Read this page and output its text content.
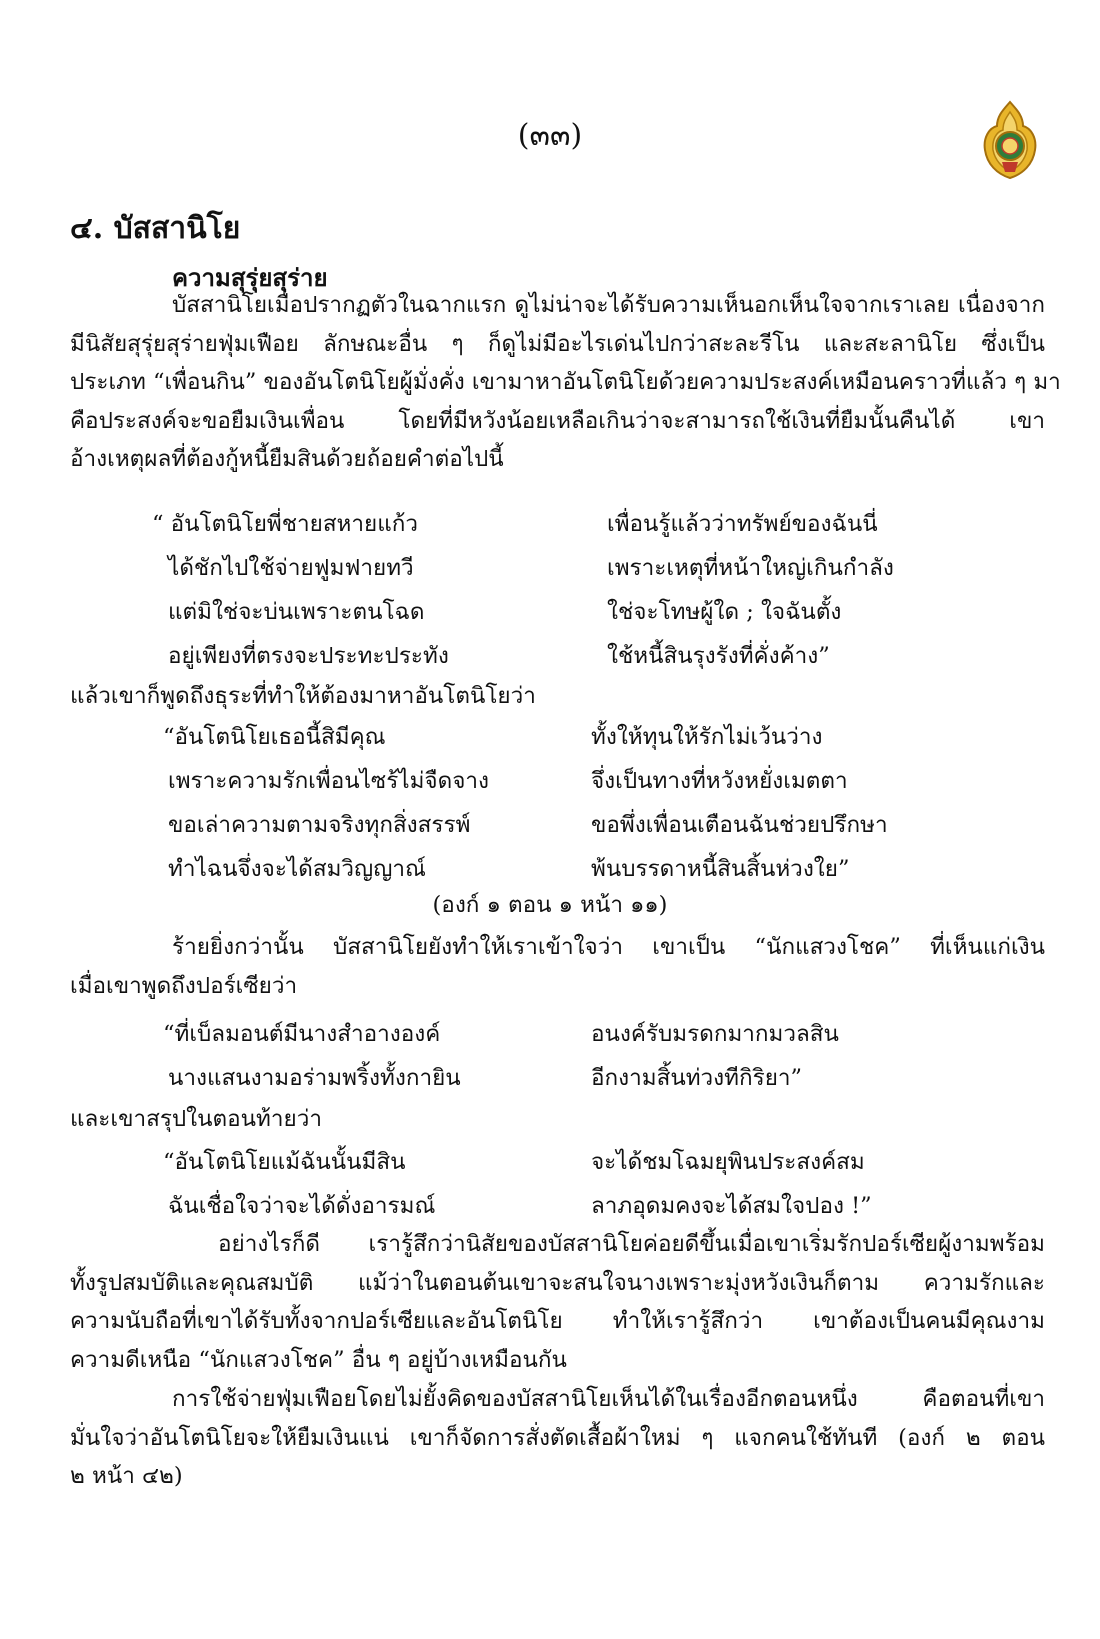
(๓๓)
๔. บัสสานิโย
ความสุรุ่ยสุร่าย
บัสสานิโยเมื่อปรากฏตัวในฉากแรก ดูไม่น่าจะได้รับความเห็นอกเห็นใจจากเราเลย เนื่องจาก
มีนิสัยสุรุ่ยสุร่ายฟุ่มเฟือย ลักษณะอื่น ๆ ก็ดูไม่มีอะไรเด่นไปกว่าสะละรีโน และสะลานิโย ซึ่งเป็น
ประเภท “เพื่อนกิน” ของอันโตนิโยผู้มั่งคั่ง เขามาหาอันโตนิโยด้วยความประสงค์เหมือนคราวที่แล้ว ๆ มา
คือประสงค์จะขอยืมเงินเพื่อน โดยที่มีหวังน้อยเหลือเกินว่าจะสามารถใช้เงินที่ยืมนั้นคืนได้ เขา
อ้างเหตุผลที่ต้องกู้หนี้ยืมสินด้วยถ้อยคำต่อไปนี้
“ อันโตนิโยพี่ชายสหายแก้ว	เพื่อนรู้แล้วว่าทรัพย์ของฉันนี่
ได้ชักไปใช้จ่ายฟูมฟายทวี	เพราะเหตุที่หน้าใหญ่เกินกำลัง
แต่มิใช่จะบ่นเพราะตนโฉด	ใช่จะโทษผู้ใด ; ใจฉันตั้ง
อยู่เพียงที่ตรงจะประทะประทัง	ใช้หนี้สินรุงรังที่คั่งค้าง”
แล้วเขาก็พูดถึงธุระที่ทำให้ต้องมาหาอันโตนิโยว่า
“อันโตนิโยเธอนี้สิมีคุณ	ทั้งให้ทุนให้รักไม่เว้นว่าง
เพราะความรักเพื่อนไซร้ไม่จืดจาง	จึ่งเป็นทางที่หวังหยั่งเมตตา
ขอเล่าความตามจริงทุกสิ่งสรรพ์	ขอพึ่งเพื่อนเตือนฉันช่วยปรึกษา
ทำไฉนจึ่งจะได้สมวิญญาณ์	พ้นบรรดาหนี้สินสิ้นห่วงใย”
(องก์ ๑ ตอน ๑ หน้า ๑๑)
ร้ายยิ่งกว่านั้น บัสสานิโยยังทำให้เราเข้าใจว่า เขาเป็น “นักแสวงโชค” ที่เห็นแก่เงิน
เมื่อเขาพูดถึงปอร์เซียว่า
“ที่เบ็ลมอนต์มีนางสำอางองค์	อนงค์รับมรดกมากมวลสิน
นางแสนงามอร่ามพริ้งทั้งกายิน	อีกงามสิ้นท่วงทีกิริยา”
และเขาสรุปในตอนท้ายว่า
“อันโตนิโยแม้ฉันนั้นมีสิน	จะได้ชมโฉมยุพินประสงค์สม
ฉันเชื่อใจว่าจะได้ดั่งอารมณ์	ลาภอุดมคงจะได้สมใจปอง !”
อย่างไรก็ดี เรารู้สึกว่านิสัยของบัสสานิโยค่อยดีขึ้นเมื่อเขาเริ่มรักปอร์เซียผู้งามพร้อม
ทั้งรูปสมบัติและคุณสมบัติ แม้ว่าในตอนต้นเขาจะสนใจนางเพราะมุ่งหวังเงินก็ตาม ความรักและ
ความนับถือที่เขาได้รับทั้งจากปอร์เซียและอันโตนิโย ทำให้เรารู้สึกว่า เขาต้องเป็นคนมีคุณงาม
ความดีเหนือ “นักแสวงโชค” อื่น ๆ อยู่บ้างเหมือนกัน
การใช้จ่ายฟุ่มเฟือยโดยไม่ยั้งคิดของบัสสานิโยเห็นได้ในเรื่องอีกตอนหนึ่ง คือตอนที่เขา
มั่นใจว่าอันโตนิโยจะให้ยืมเงินแน่ เขาก็จัดการสั่งตัดเสื้อผ้าใหม่ ๆ แจกคนใช้ทันที (องก์ ๒ ตอน
๒ หน้า ๔๒)
